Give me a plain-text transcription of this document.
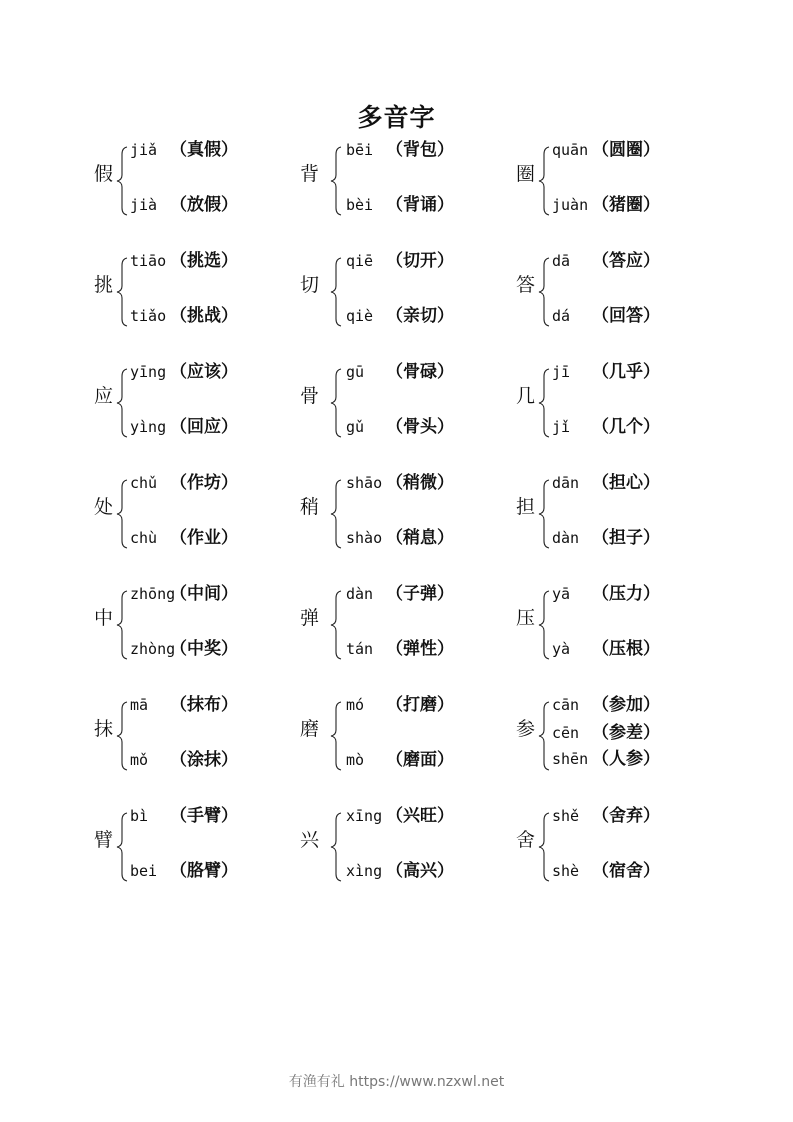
多音字
假
jiǎ （真假）
jià （放假）
背
bēi （背包）
bèi （背诵）
圈
quān （圆圈）
juàn （猪圈）
挑
tiāo （挑选）
tiǎo （挑战）
切
qiē （切开）
qiè （亲切）
答
dā （答应）
dá （回答）
应
yīng （应该）
yìng （回应）
骨
gū （骨碌）
gǔ （骨头）
几
jī （几乎）
jǐ （几个）
处
chǔ （作坊）
chù （作业）
稍
shāo （稍微）
shào （稍息）
担
dān （担心）
dàn （担子）
中
zhōng
（中间）
zhòng
（中奖）
弹
dàn （子弹）
tán （弹性）
压
yā （压力）
yà （压根）
抹
mā （抹布）
mǒ （涂抹）
磨
mó （打磨）
mò （磨面）
参
cān （参加）
cēn （参差）
shēn （人参）
臂
bì （手臂）
bei （胳臂）
兴
xīng （兴旺）
xìng （高兴）
舍
shě （舍弃）
shè （宿舍）
有渔有礼 https://www.nzxwl.net
